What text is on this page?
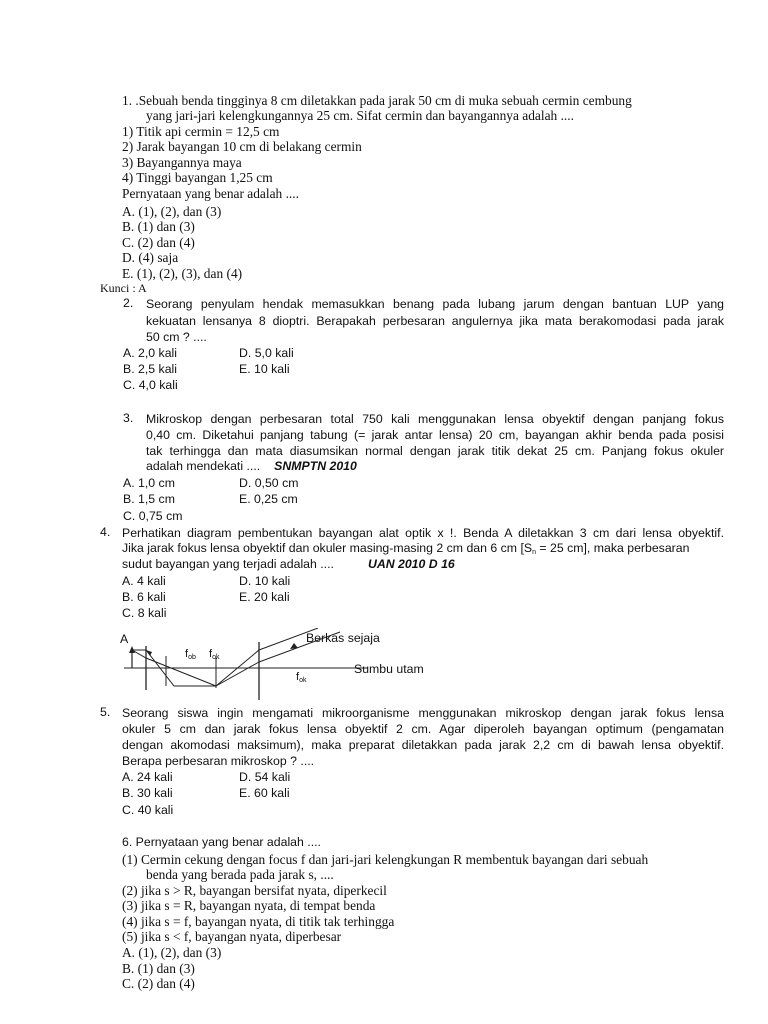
1. .Sebuah benda tingginya 8 cm diletakkan pada jarak 50 cm di muka sebuah cermin cembung
yang jari-jari kelengkungannya 25 cm. Sifat cermin dan bayangannya adalah ....
1) Titik api cermin = 12,5 cm
2) Jarak bayangan 10 cm di belakang cermin
3) Bayangannya maya
4) Tinggi bayangan 1,25 cm
Pernyataan yang benar adalah ....
A. (1), (2), dan (3)
B. (1) dan (3)
C. (2) dan (4)
D. (4) saja
E. (1), (2), (3), dan (4)
Kunci : A
2. Seorang penyulam hendak memasukkan benang pada lubang jarum dengan bantuan LUP yang
kekuatan lensanya 8 dioptri. Berapakah perbesaran angulernya jika mata berakomodasi pada jarak
50 cm ? ....
A. 2,0 kali
B. 2,5 kali
C. 4,0 kali
D. 5,0 kali
E. 10 kali
3. Mikroskop dengan perbesaran total 750 kali menggunakan lensa obyektif dengan panjang fokus
0,40 cm. Diketahui panjang tabung (= jarak antar lensa) 20 cm, bayangan akhir benda pada posisi
tak terhingga dan mata diasumsikan normal dengan jarak titik dekat 25 cm. Panjang fokus okuler
adalah mendekati .... SNMPTN 2010
A. 1,0 cm
B. 1,5 cm
C. 0,75 cm
D. 0,50 cm
E. 0,25 cm
4. Perhatikan diagram pembentukan bayangan alat optik x !. Benda A diletakkan 3 cm dari lensa obyektif.
Jika jarak fokus lensa obyektif dan okuler masing-masing 2 cm dan 6 cm [$S_n = 25$ cm], maka perbesaran
sudut bayangan yang terjadi adalah ....	UAN 2010 D 16
A. 4 kali
B. 6 kali
C. 8 kali
D. 10 kali
E. 20 kali
A
$f_{ob}$ $f_{ok}$
$f_{ok}$
Berkas sejaja
Sumbu utam
5. Seorang siswa ingin mengamati mikroorganisme menggunakan mikroskop dengan jarak fokus lensa
okuler 5 cm dan jarak fokus lensa obyektif 2 cm. Agar diperoleh bayangan optimum (pengamatan
dengan akomodasi maksimum), maka preparat diletakkan pada jarak 2,2 cm di bawah lensa obyektif.
Berapa perbesaran mikroskop ? ....
A. 24 kali
B. 30 kali
C. 40 kali
D. 54 kali
E. 60 kali
6. Pernyataan yang benar adalah ....
(1) Cermin cekung dengan focus f dan jari-jari kelengkungan R membentuk bayangan dari sebuah
benda yang berada pada jarak s, ....
(2) jika s > R, bayangan bersifat nyata, diperkecil
(3) jika s = R, bayangan nyata, di tempat benda
(4) jika s = f, bayangan nyata, di titik tak terhingga
(5) jika s < f, bayangan nyata, diperbesar
A. (1), (2), dan (3)
B. (1) dan (3)
C. (2) dan (4)
